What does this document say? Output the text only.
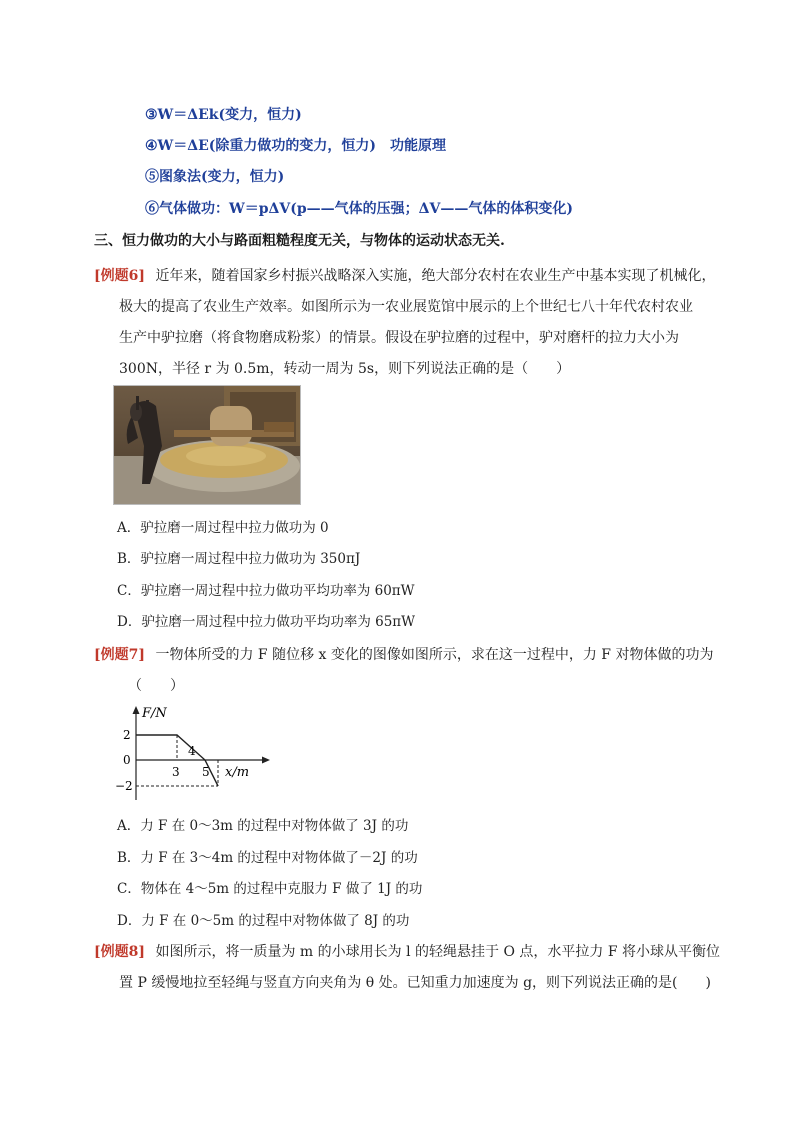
③W＝ΔEk(变力，恒力)
④W＝ΔE(除重力做功的变力，恒力)　功能原理
⑤图象法(变力，恒力)
⑥气体做功：W＝pΔV(p——气体的压强；ΔV——气体的体积变化)
三、恒力做功的大小与路面粗糙程度无关，与物体的运动状态无关.
[例题6] 近年来，随着国家乡村振兴战略深入实施，绝大部分农村在农业生产中基本实现了机械化，
极大的提高了农业生产效率。如图所示为一农业展览馆中展示的上个世纪七八十年代农村农业
生产中驴拉磨（将食物磨成粉浆）的情景。假设在驴拉磨的过程中，驴对磨杆的拉力大小为
300N，半径 r 为 0.5m，转动一周为 5s，则下列说法正确的是（　　）
A．驴拉磨一周过程中拉力做功为 0
B．驴拉磨一周过程中拉力做功为 350πJ
C．驴拉磨一周过程中拉力做功平均功率为 60πW
D．驴拉磨一周过程中拉力做功平均功率为 65πW
[例题7] 一物体所受的力 F 随位移 x 变化的图像如图所示，求在这一过程中，力 F 对物体做的功为
（　　）
F/N
2
0
−2
3
4
5 x/m
A．力 F 在 0～3m 的过程中对物体做了 3J 的功
B．力 F 在 3～4m 的过程中对物体做了－2J 的功
C．物体在 4～5m 的过程中克服力 F 做了 1J 的功
D．力 F 在 0～5m 的过程中对物体做了 8J 的功
[例题8] 如图所示，将一质量为 m 的小球用长为 l 的轻绳悬挂于 O 点，水平拉力 F 将小球从平衡位
置 P 缓慢地拉至轻绳与竖直方向夹角为 θ 处。已知重力加速度为 g，则下列说法正确的是(　　)
